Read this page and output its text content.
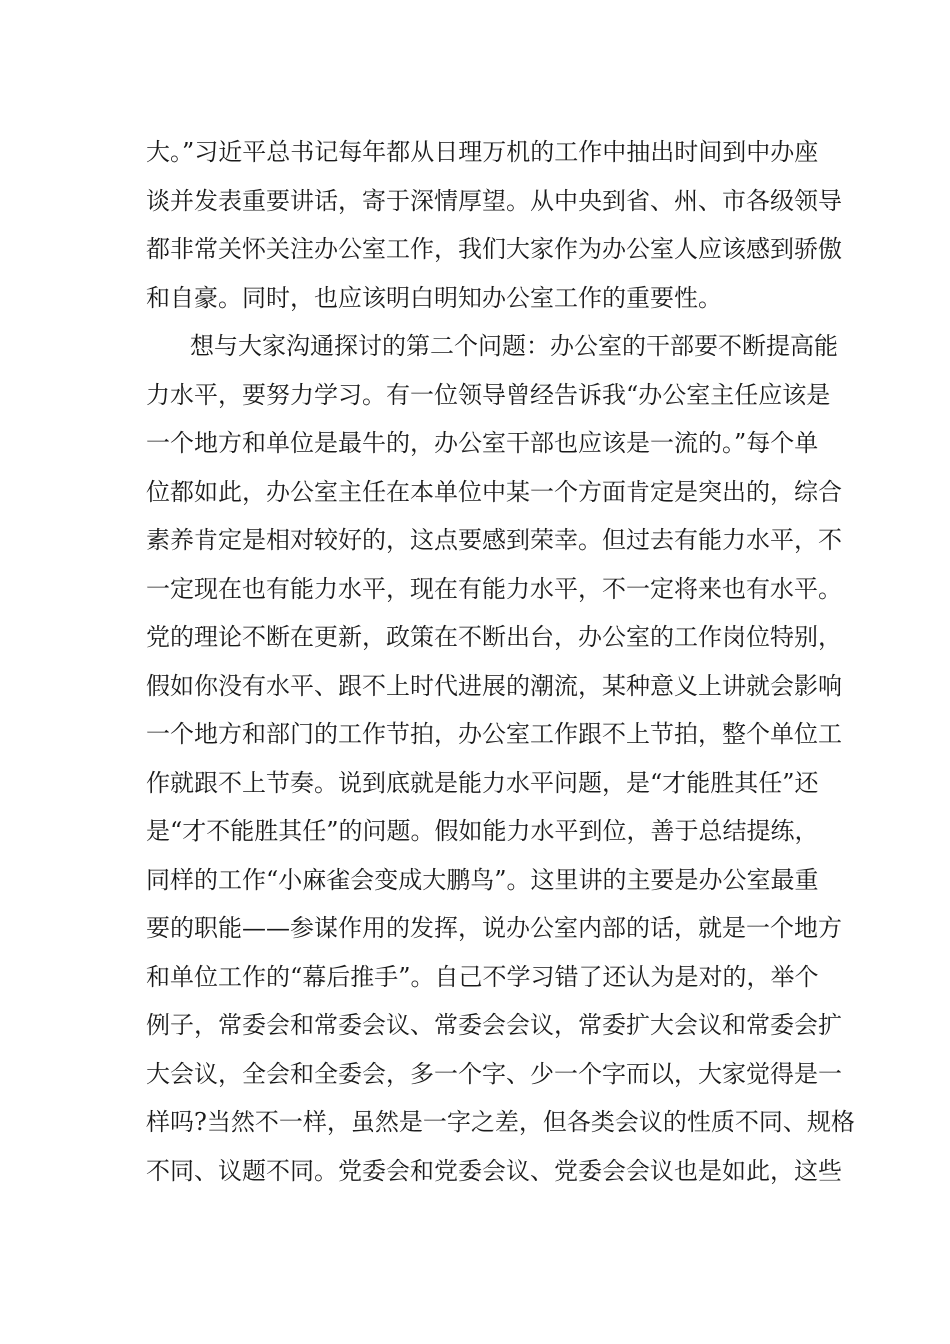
大。”习近平总书记每年都从日理万机的工作中抽出时间到中办座
谈并发表重要讲话，寄于深情厚望。从中央到省、州、市各级领导
都非常关怀关注办公室工作，我们大家作为办公室人应该感到骄傲
和自豪。同时，也应该明白明知办公室工作的重要性。
想与大家沟通探讨的第二个问题：办公室的干部要不断提高能
力水平，要努力学习。有一位领导曾经告诉我“办公室主任应该是
一个地方和单位是最牛的，办公室干部也应该是一流的。”每个单
位都如此，办公室主任在本单位中某一个方面肯定是突出的，综合
素养肯定是相对较好的，这点要感到荣幸。但过去有能力水平，不
一定现在也有能力水平，现在有能力水平，不一定将来也有水平。
党的理论不断在更新，政策在不断出台，办公室的工作岗位特别，
假如你没有水平、跟不上时代进展的潮流，某种意义上讲就会影响
一个地方和部门的工作节拍，办公室工作跟不上节拍，整个单位工
作就跟不上节奏。说到底就是能力水平问题，是“才能胜其任”还
是“才不能胜其任”的问题。假如能力水平到位，善于总结提练，
同样的工作“小麻雀会变成大鹏鸟”。这里讲的主要是办公室最重
要的职能——参谋作用的发挥，说办公室内部的话，就是一个地方
和单位工作的“幕后推手”。自己不学习错了还认为是对的，举个
例子，常委会和常委会议、常委会会议，常委扩大会议和常委会扩
大会议，全会和全委会，多一个字、少一个字而以，大家觉得是一
样吗?当然不一样，虽然是一字之差，但各类会议的性质不同、规格
不同、议题不同。党委会和党委会议、党委会会议也是如此，这些
